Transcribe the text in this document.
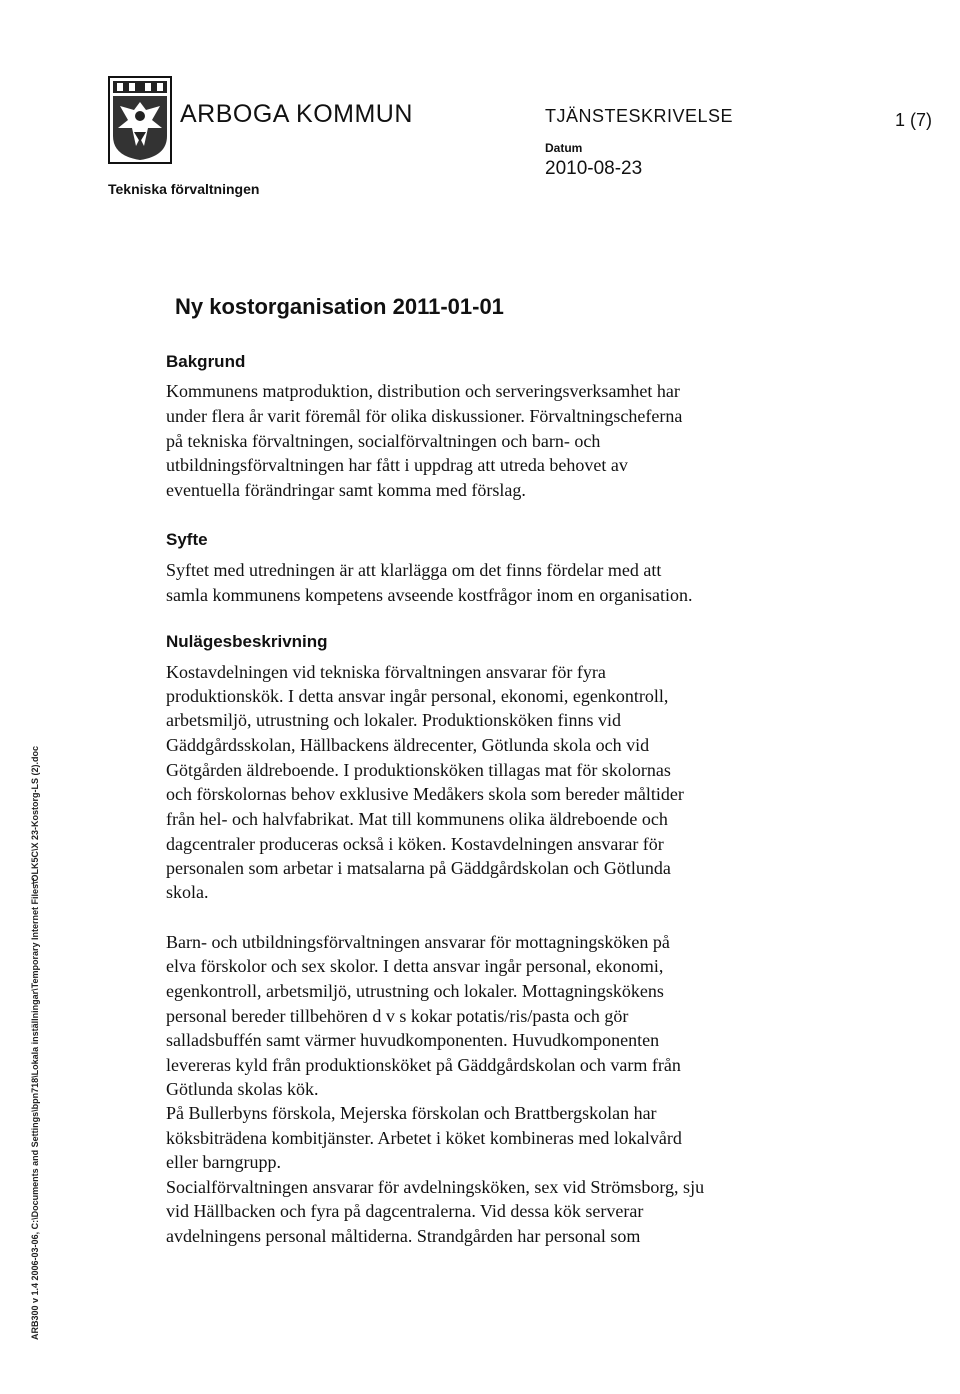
ARBOGA KOMMUN
Tekniska förvaltningen
TJÄNSTESKRIVELSE	1 (7)
Datum
2010-08-23
Ny kostorganisation 2011-01-01
Bakgrund
Kommunens matproduktion, distribution och serveringsverksamhet har
under flera år varit föremål för olika diskussioner. Förvaltningscheferna
på tekniska förvaltningen, socialförvaltningen och barn- och
utbildningsförvaltningen har fått i uppdrag att utreda behovet av
eventuella förändringar samt komma med förslag.
Syfte
Syftet med utredningen är att klarlägga om det finns fördelar med att
samla kommunens kompetens avseende kostfrågor inom en organisation.
Nulägesbeskrivning
Kostavdelningen vid tekniska förvaltningen ansvarar för fyra
produktionskök. I detta ansvar ingår personal, ekonomi, egenkontroll,
arbetsmiljö, utrustning och lokaler. Produktionsköken finns vid
Gäddgårdsskolan, Hällbackens äldrecenter, Götlunda skola och vid
Götgården äldreboende. I produktionsköken tillagas mat för skolornas
och förskolornas behov exklusive Medåkers skola som bereder måltider
från hel- och halvfabrikat. Mat till kommunens olika äldreboende och
dagcentraler produceras också i köken. Kostavdelningen ansvarar för
personalen som arbetar i matsalarna på Gäddgårdskolan och Götlunda
skola.
Barn- och utbildningsförvaltningen ansvarar för mottagningsköken på
elva förskolor och sex skolor. I detta ansvar ingår personal, ekonomi,
egenkontroll, arbetsmiljö, utrustning och lokaler. Mottagningskökens
personal bereder tillbehören d v s kokar potatis/ris/pasta och gör
salladsbuffén samt värmer huvudkomponenten. Huvudkomponenten
levereras kyld från produktionsköket på Gäddgårdskolan och varm från
Götlunda skolas kök.
På Bullerbyns förskola, Mejerska förskolan och Brattbergskolan har
köksbiträdena kombitjänster. Arbetet i köket kombineras med lokalvård
eller barngrupp.
Socialförvaltningen ansvarar för avdelningsköken, sex vid Strömsborg, sju
vid Hällbacken och fyra på dagcentralerna. Vid dessa kök serverar
avdelningens personal måltiderna. Strandgården har personal som
ARB300 v 1.4 2006-03-06, C:\Documents and Settings\bpn718\Lokala inställningar\Temporary Internet Files\OLK5C\X 23-Kostorg-LS (2).doc
